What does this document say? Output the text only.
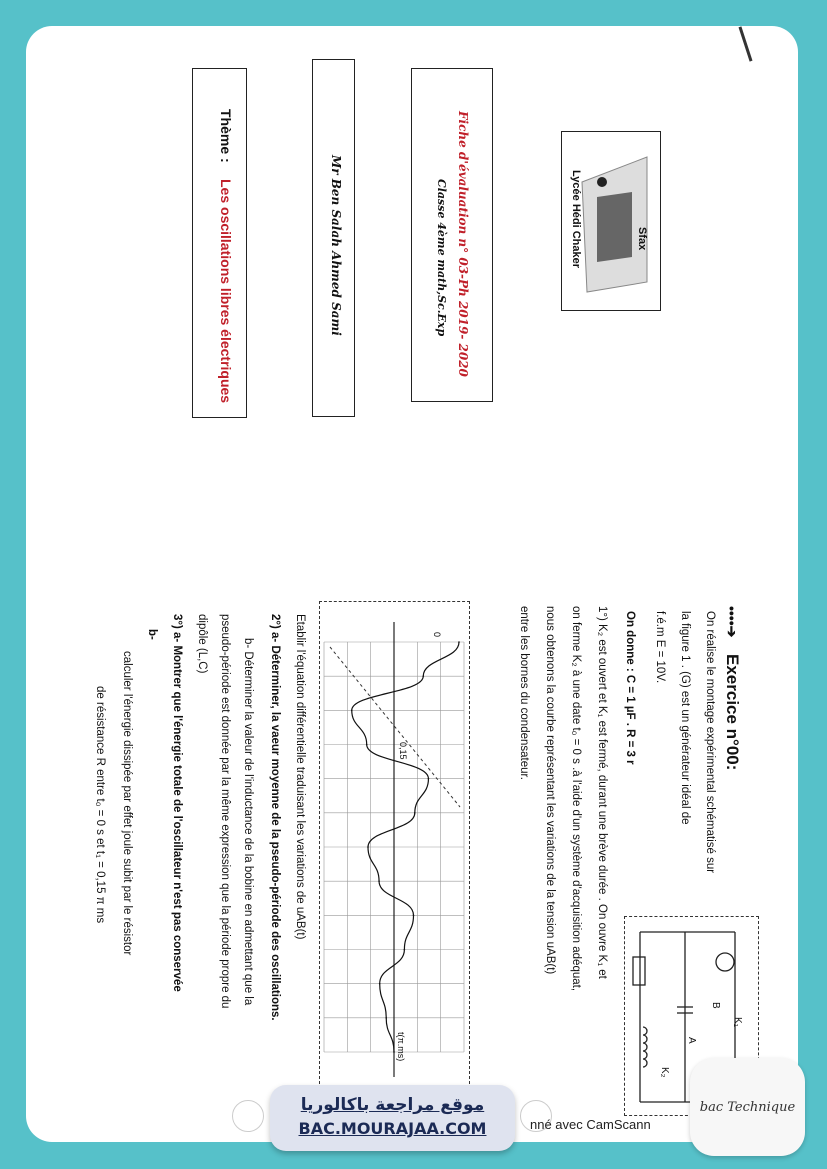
Sfax
Lycée Hédi Chaker
Fiche d'évaluation n° 03-Ph 2019- 2020
Classe 4ème math,Sc.Exp
Mr Ben Salah Ahmed Sami
Thème :
Les oscillations libres électriques
••••➔
Exercice n°00:
On réalise le montage expérimental schématisé sur
la figure 1 . (G) est un générateur idéal de
f.é.m E = 10V.
On donne : C = 1 µF . R = 3 r
1°) K₂ est ouvert et K₁ est fermé, durant une brève durée . On ouvre K₁ et
on ferme K₂ à une date t₀ = 0 s .à l'aide d'un système d'acquisition adéquat,
nous obtenons la courbe représentant les variations de la tension uAB(t)
entre les bornes du condensateur.
K₁
K₂
B
A
0,15
t(π.ms)
0
Etablir l'équation différentielle traduisant les variations de uAB(t)
2°) a- Déterminer, la vaeur moyenne de la pseudo-période des oscillations.
b- Déterminer la valeur de l'inductance de la bobine en admettant que la
pseudo-période est donnée par la même expression que la période propre du
dipôle (L,C)
3°) a- Montrer que l'énergie totale de l'oscillateur n'est pas conservée
b-
calculer l'énergie dissipée par effet joule subit par le résistor
de résistance R entre t₀ = 0 s et t₁ = 0,15 π ms
موقع مراجعة باكالوريا
BAC.MOURAJAA.COM	nné avec CamScann
bac Technique
